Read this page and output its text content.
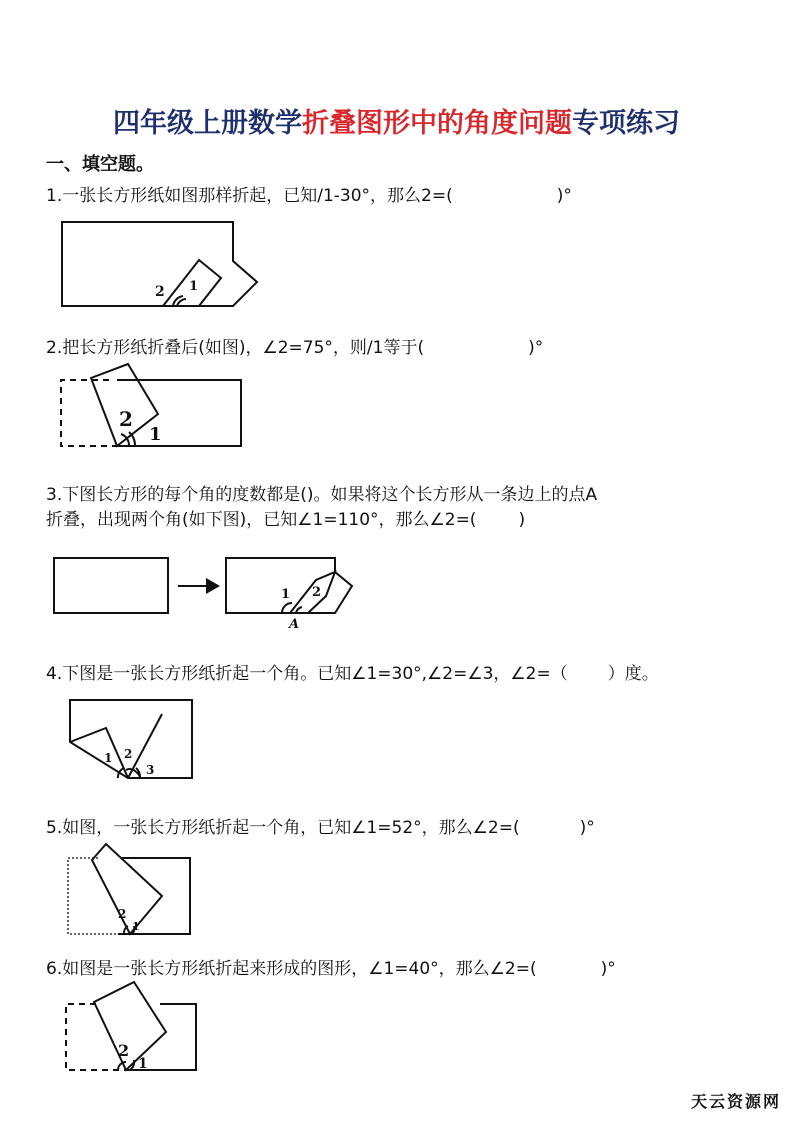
四年级上册数学折叠图形中的角度问题专项练习
一、填空题。
1.一张长方形纸如图那样折起，已知/1-30°，那么2=(	)°
2 1
2.把长方形纸折叠后(如图)，∠2=75°，则/1等于(	)°
2
1
3.下图长方形的每个角的度数都是()。如果将这个长方形从一条边上的点A
折叠，出现两个角(如下图)，已知∠1=110°，那么∠2=( )
1 2
A
4.下图是一张长方形纸折起一个角。已知∠1=30°,∠2=∠3，∠2=（ ）度。
1 2
3
5.如图，一张长方形纸折起一个角，已知∠1=52°，那么∠2=(	)°
2
1
6.如图是一张长方形纸折起来形成的图形，∠1=40°，那么∠2=(	)°
2
1
天云资源网
